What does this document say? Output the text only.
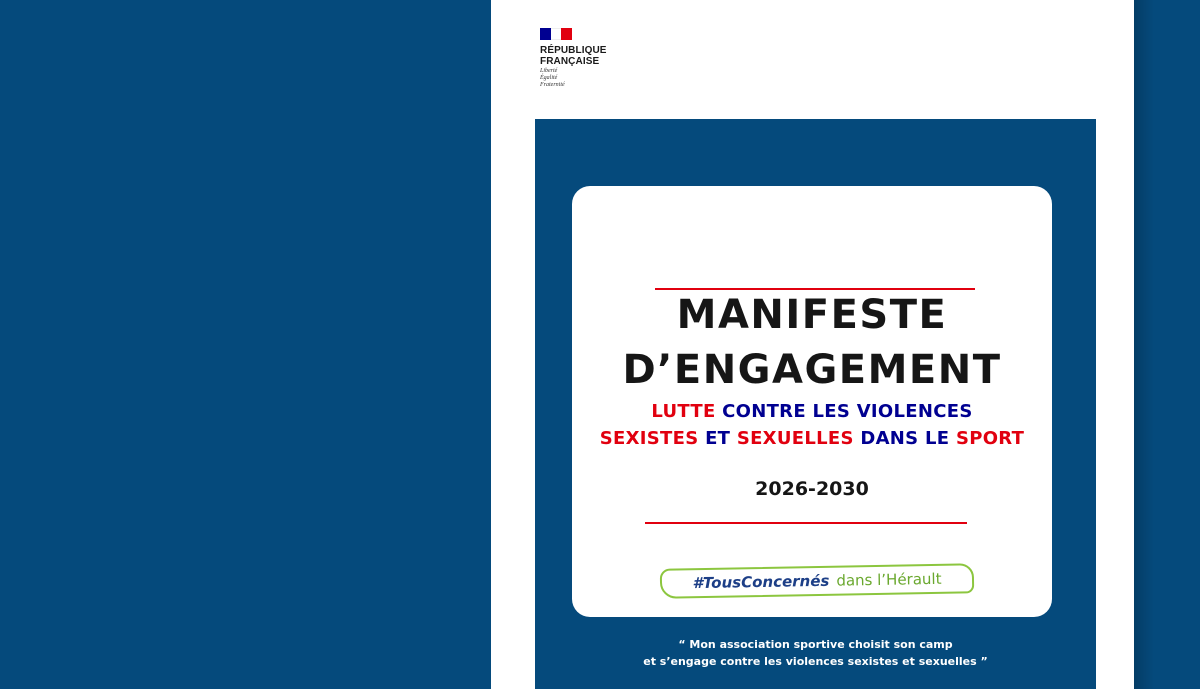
RÉPUBLIQUE
FRANÇAISE
Liberté
Égalité
Fraternité
MANIFESTE
D’ENGAGEMENT
LUTTE CONTRE LES VIOLENCES
SEXISTES ET SEXUELLES DANS LE SPORT
2026-2030
#TousConcernés dans l’Hérault
“ Mon association sportive choisit son camp
et s’engage contre les violences sexistes et sexuelles ”
